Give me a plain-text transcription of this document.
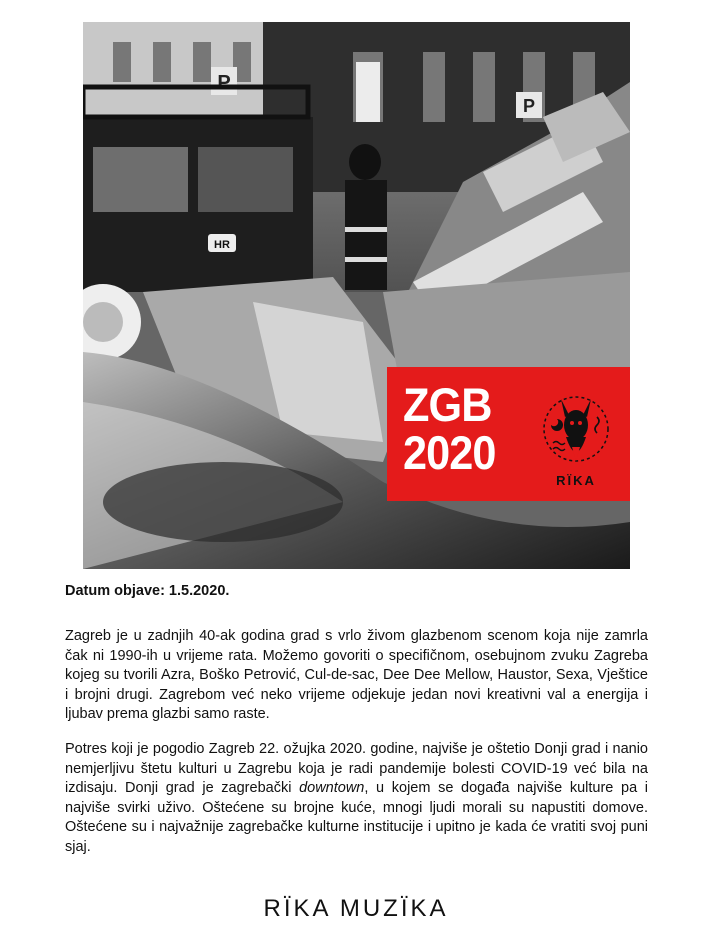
P
P
HR
ZGB
2020
RÏKA
Datum objave: 1.5.2020.
Zagreb je u zadnjih 40-ak godina grad s vrlo živom glazbenom scenom koja nije zamrla čak ni 1990-ih u vrijeme rata. Možemo govoriti o specifičnom, osebujnom zvuku Zagreba kojeg su tvorili Azra, Boško Petrović, Cul-de-sac, Dee Dee Mellow, Haustor, Sexa, Vještice i brojni drugi. Zagrebom već neko vrijeme odjekuje jedan novi kreativni val a energija i ljubav prema glazbi samo raste.
Potres koji je pogodio Zagreb 22. ožujka 2020. godine, najviše je oštetio Donji grad i nanio nemjerljivu štetu kulturi u Zagrebu koja je radi pandemije bolesti COVID-19 već bila na izdisaju. Donji grad je zagrebački downtown, u kojem se događa najviše kulture pa i najviše svirki uživo. Oštećene su brojne kuće, mnogi ljudi morali su napustiti domove. Oštećene su i najvažnije zagrebačke kulturne institucije i upitno je kada će vratiti svoj puni sjaj.
RÏKA MUZÏKA
